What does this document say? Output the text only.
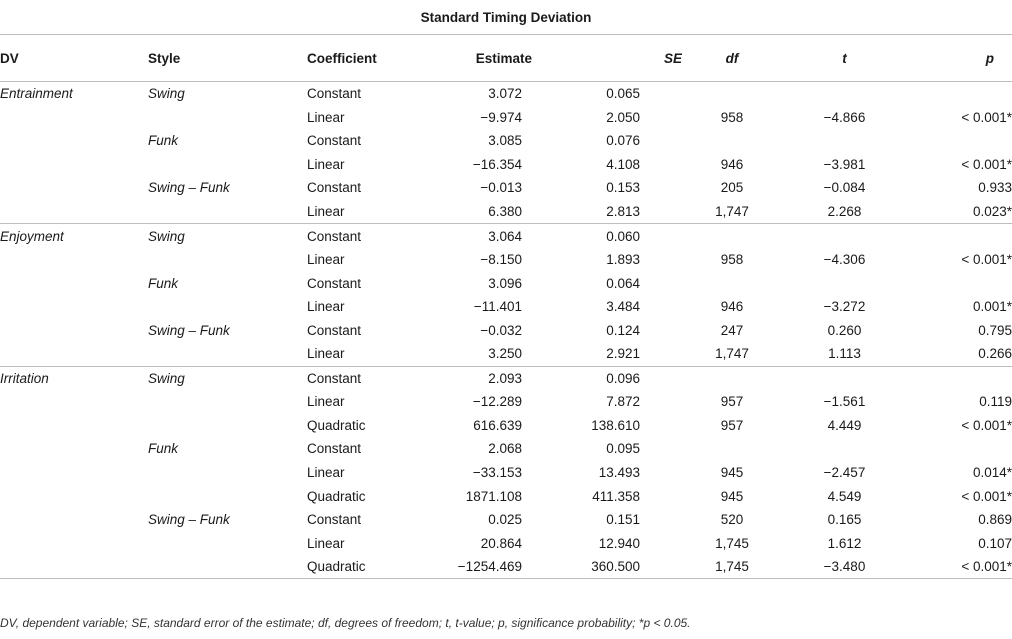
Standard Timing Deviation							
DV	Style	Coefficient	Estimate	SE	df	t	p
Entrainment	Swing	Constant	3.072	0.065			
		Linear	−9.974	2.050	958	−4.866	< 0.001*
	Funk	Constant	3.085	0.076			
		Linear	−16.354	4.108	946	−3.981	< 0.001*
	Swing – Funk	Constant	−0.013	0.153	205	−0.084	0.933
		Linear	6.380	2.813	1,747	2.268	0.023*
Enjoyment	Swing	Constant	3.064	0.060			
		Linear	−8.150	1.893	958	−4.306	< 0.001*
	Funk	Constant	3.096	0.064			
		Linear	−11.401	3.484	946	−3.272	0.001*
	Swing – Funk	Constant	−0.032	0.124	247	0.260	0.795
		Linear	3.250	2.921	1,747	1.113	0.266
Irritation	Swing	Constant	2.093	0.096			
		Linear	−12.289	7.872	957	−1.561	0.119
		Quadratic	616.639	138.610	957	4.449	< 0.001*
	Funk	Constant	2.068	0.095			
		Linear	−33.153	13.493	945	−2.457	0.014*
		Quadratic	1871.108	411.358	945	4.549	< 0.001*
	Swing – Funk	Constant	0.025	0.151	520	0.165	0.869
		Linear	20.864	12.940	1,745	1.612	0.107
		Quadratic	−1254.469	360.500	1,745	−3.480	< 0.001*
DV, dependent variable; SE, standard error of the estimate; df, degrees of freedom; t, t-value; p, significance probability; *p < 0.05.
